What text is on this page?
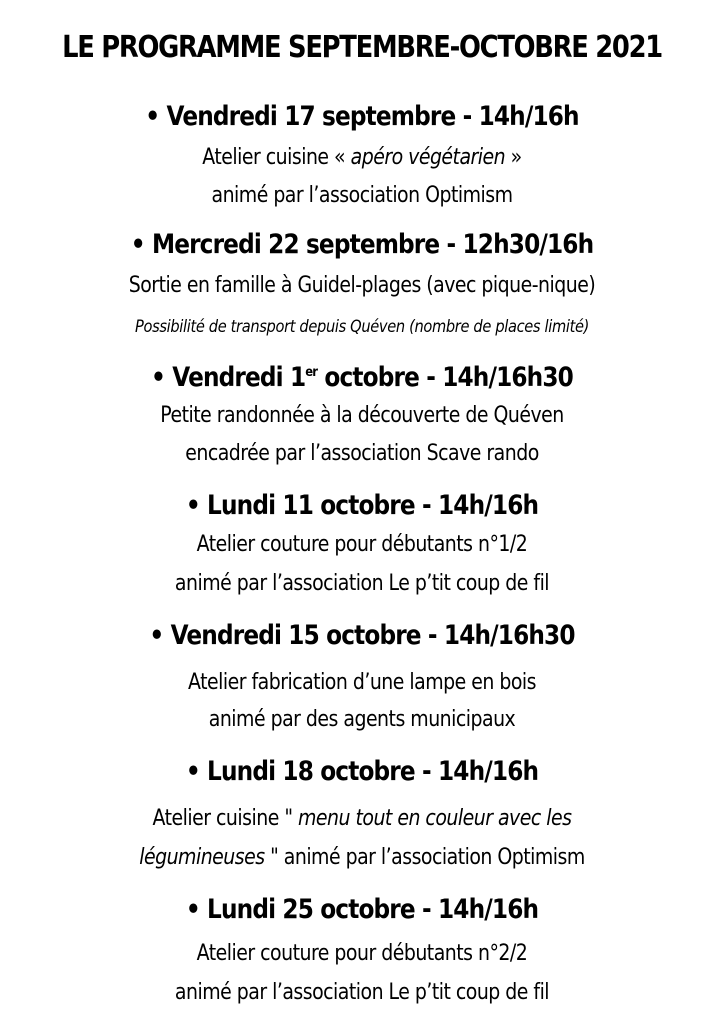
LE PROGRAMME SEPTEMBRE-OCTOBRE 2021
• Vendredi 17 septembre - 14h/16h
Atelier cuisine « apéro végétarien »
animé par l’association Optimism
• Mercredi 22 septembre - 12h30/16h
Sortie en famille à Guidel-plages (avec pique-nique)
Possibilité de transport depuis Quéven (nombre de places limité)
• Vendredi 1er octobre - 14h/16h30
Petite randonnée à la découverte de Quéven
encadrée par l’association Scave rando
• Lundi 11 octobre - 14h/16h
Atelier couture pour débutants n°1/2
animé par l’association Le p’tit coup de fil
• Vendredi 15 octobre - 14h/16h30
Atelier fabrication d’une lampe en bois
animé par des agents municipaux
• Lundi 18 octobre - 14h/16h
Atelier cuisine " menu tout en couleur avec les
légumineuses " animé par l’association Optimism
• Lundi 25 octobre - 14h/16h
Atelier couture pour débutants n°2/2
animé par l’association Le p’tit coup de fil
